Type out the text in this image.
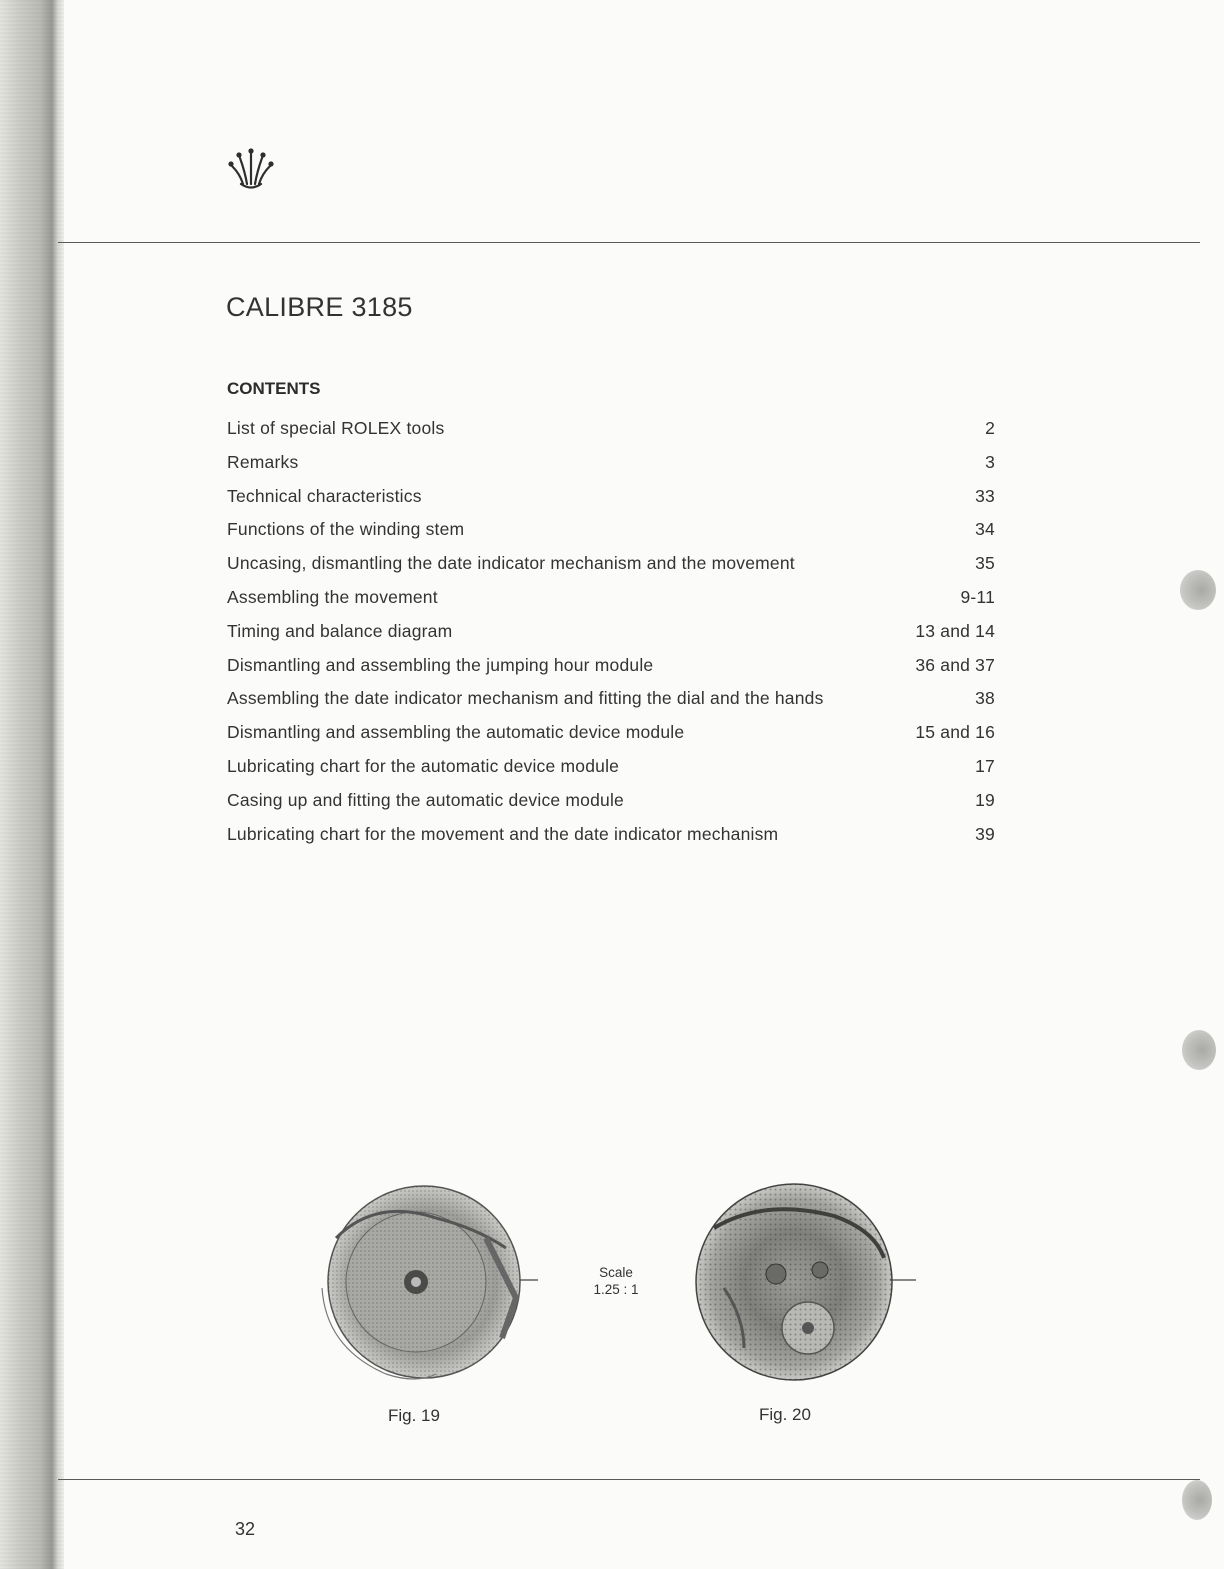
CALIBRE 3185
CONTENTS
List of special ROLEX tools	2
Remarks	3
Technical characteristics	33
Functions of the winding stem	34
Uncasing, dismantling the date indicator mechanism and the movement	35
Assembling the movement	9-11
Timing and balance diagram	13 and 14
Dismantling and assembling the jumping hour module	36 and 37
Assembling the date indicator mechanism and fitting the dial and the hands	38
Dismantling and assembling the automatic device module	15 and 16
Lubricating chart for the automatic device module	17
Casing up and fitting the automatic device module	19
Lubricating chart for the movement and the date indicator mechanism	39
Scale
1.25 : 1
Fig. 19	Fig. 20
32
